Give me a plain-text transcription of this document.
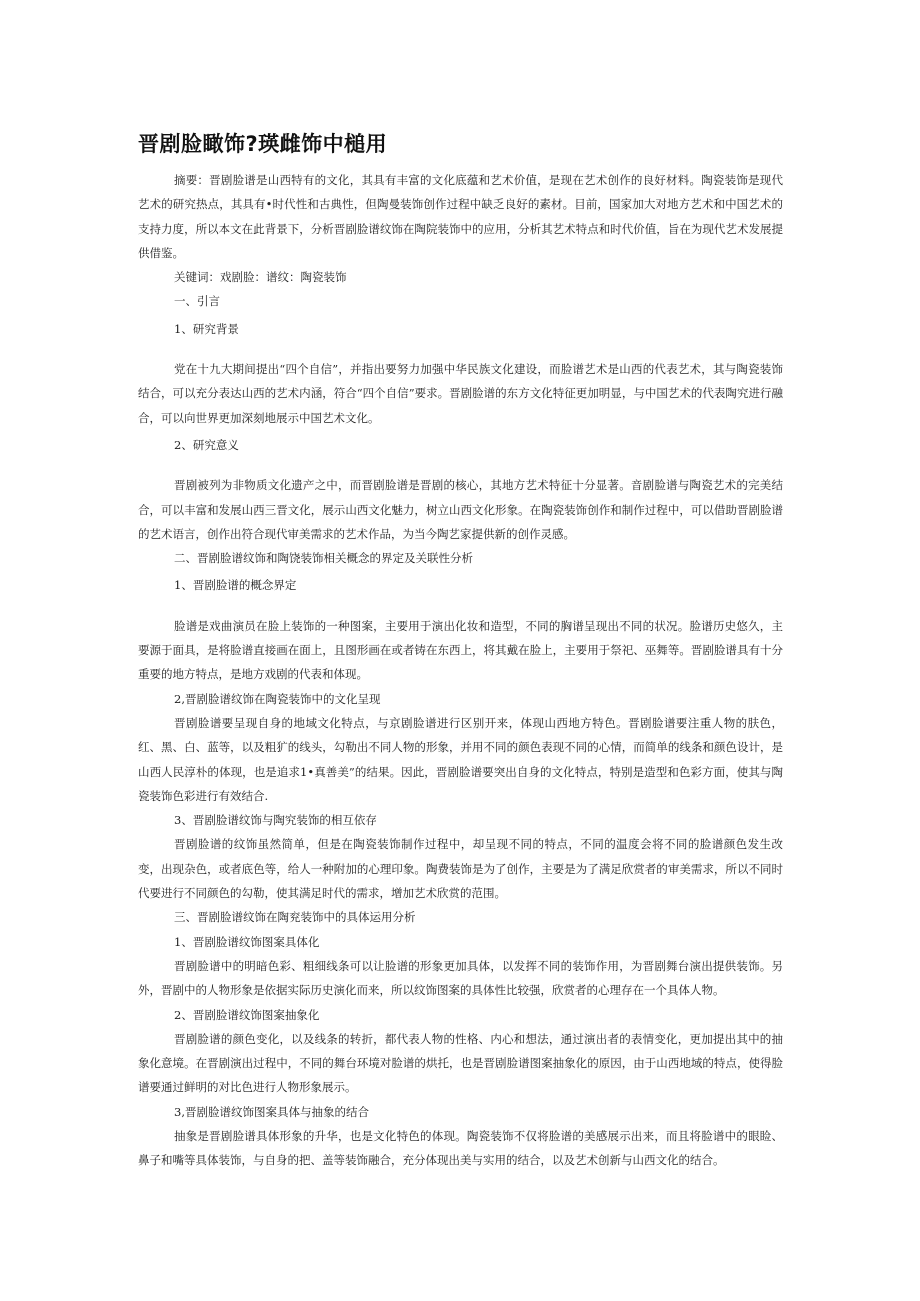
晋剧脸瞰饰?瑛雌饰中槌用

摘要：晋剧脸谱是山西特有的文化，其具有丰富的文化底蕴和艺术价值，是现在艺术创作的良好材料。陶瓷装饰是现代艺术的研究热点，其具有•时代性和古典性，但陶曼装饰创作过程中缺乏良好的素材。目前，国家加大对地方艺术和中国艺术的支持力度，所以本文在此背景下，分析晋剧脸谱纹饰在陶院装饰中的应用，分析其艺术特点和时代价值，旨在为现代艺术发展提供借鉴。

关键词：戏剧脸：谱纹：陶瓷装饰

一、引言

1、研究背景

党在十九大期间提出“四个自信”，并指出要努力加强中华民族文化建设，而脸谱艺术是山西的代表艺术，其与陶瓷装饰结合，可以充分表达山西的艺术内涵，符合“四个自信”要求。晋剧脸谱的东方文化特征更加明显，与中国艺术的代表陶究进行融合，可以向世界更加深刻地展示中国艺术文化。

2、研究意义

晋剧被列为非物质文化遗产之中，而晋剧脸谱是晋剧的核心，其地方艺术特征十分显著。音剧脸谱与陶瓷艺术的完美结合，可以丰富和发展山西三晋文化，展示山西文化魅力，树立山西文化形象。在陶瓷装饰创作和制作过程中，可以借助晋剧脸谱的艺术语言，创作出符合现代审美需求的艺术作品，为当今陶艺家提供新的创作灵感。

二、晋剧脸谱纹饰和陶饶装饰相关概念的界定及关联性分析

1、晋剧脸谱的概念界定

脸谱是戏曲演员在脸上装饰的一种图案，主要用于演出化妆和造型，不同的胸谱呈现出不同的状况。脸谱历史悠久，主要源于面具，是将脸谱直接画在面上，且图形画在或者铸在东西上，将其戴在脸上，主要用于祭祀、巫舞等。晋剧脸谱具有十分重要的地方特点，是地方戏剧的代表和体现。

2,晋剧脸谱纹饰在陶瓷装饰中的文化呈现

晋剧脸谱要呈现自身的地域文化特点，与京剧脸谱进行区别开来，体现山西地方特色。晋剧脸谱要注重人物的肤色，红、黑、白、蓝等，以及粗犷的线头，勾勒出不同人物的形象，并用不同的颜色表现不同的心情，而简单的线条和颜色设计，是山西人民淳朴的体现，也是追求1•真善美”的结果。因此，晋剧脸谱要突出自身的文化特点，特别是造型和色彩方面，使其与陶瓷装饰色彩进行有效结合.

3、晋剧脸谱纹饰与陶究装饰的相互依存

晋剧脸谱的纹饰虽然简单，但是在陶瓷装饰制作过程中，却呈现不同的特点，不同的温度会将不同的脸谱颜色发生改变，出现杂色，或者底色等，给人一种附加的心理印象。陶费装饰是为了创作，主要是为了满足欣赏者的审美需求，所以不同时代要进行不同颜色的勾勒，使其满足时代的需求，增加艺术欣赏的范围。

三、晋剧脸谱纹饰在陶兖装饰中的具体运用分析

1、晋剧脸谱纹饰图案具体化

晋剧脸谱中的明暗色彩、粗细线条可以让脸谱的形象更加具体，以发挥不同的装饰作用，为晋剧舞台演出提供装饰。另外，晋剧中的人物形象是依据实际历史演化而来，所以纹饰图案的具体性比较强，欣赏者的心理存在一个具体人物。

2、晋剧脸谱纹饰图案抽象化

晋剧脸谱的颜色变化，以及线条的转折，都代表人物的性格、内心和想法，通过演出者的表情变化，更加提出其中的抽象化意境。在晋剧演出过程中，不同的舞台环境对脸谱的烘托，也是晋剧脸谱图案抽象化的原因，由于山西地域的特点，使得脸谱要通过鲜明的对比色进行人物形象展示。

3,晋剧脸谱纹饰图案具体与抽象的结合

抽象是晋剧脸谱具体形象的升华，也是文化特色的体现。陶瓷装饰不仅将脸谱的美感展示出来，而且将脸谱中的眼睑、鼻子和嘴等具体装饰，与自身的把、盖等装饰融合，充分体现出美与实用的结合，以及艺术创新与山西文化的结合。
